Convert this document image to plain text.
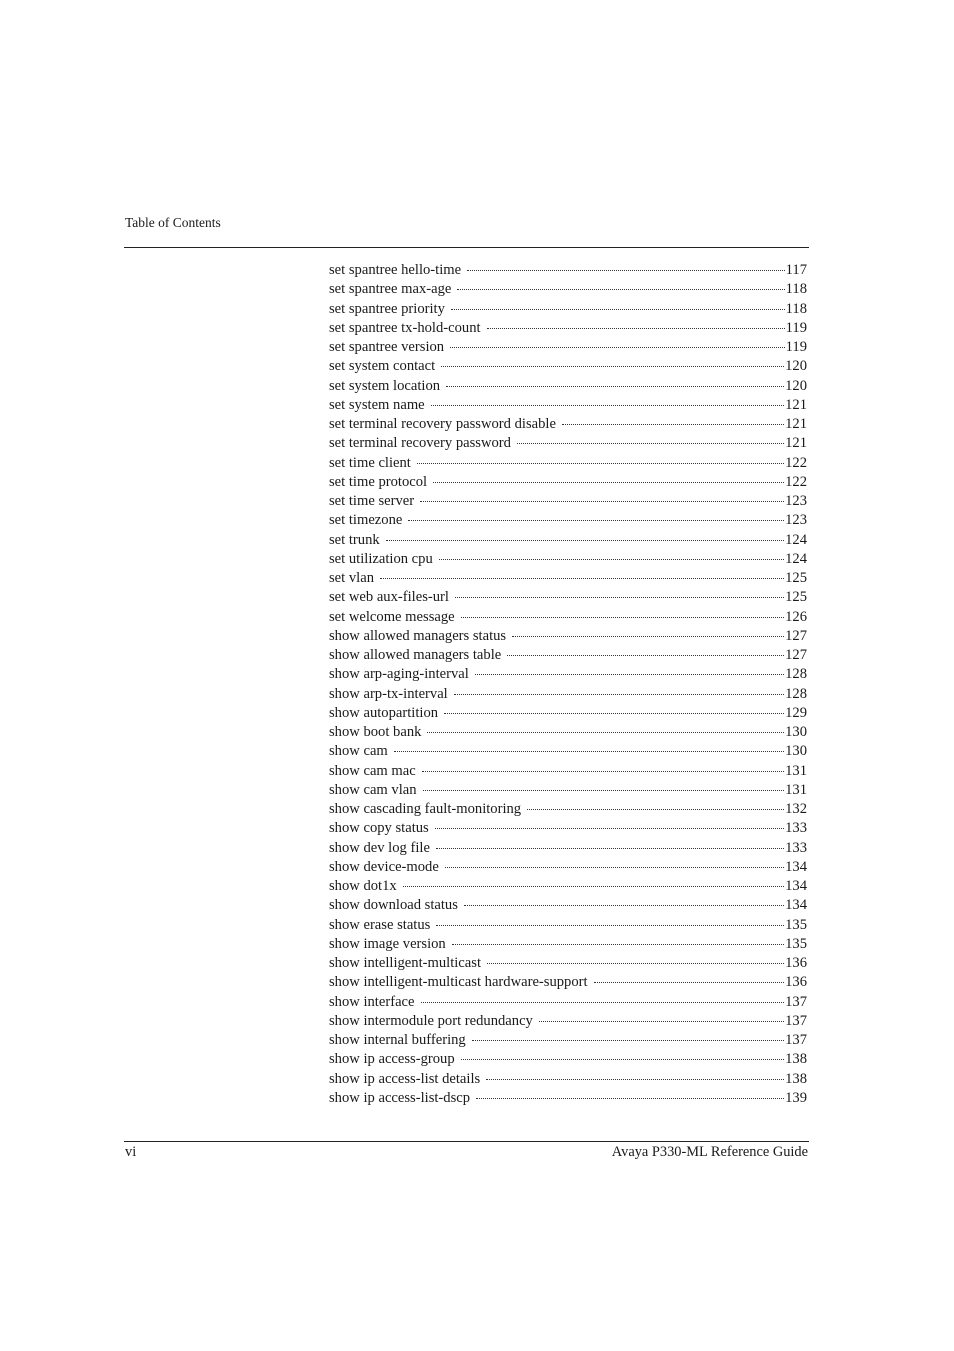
Table of Contents
set spantree hello-time	117
set spantree max-age	118
set spantree priority	118
set spantree tx-hold-count	119
set spantree version	119
set system contact	120
set system location	120
set system name	121
set terminal recovery password disable	121
set terminal recovery password	121
set time client	122
set time protocol	122
set time server	123
set timezone	123
set trunk	124
set utilization cpu	124
set vlan	125
set web aux-files-url	125
set welcome message	126
show allowed managers status	127
show allowed managers table	127
show arp-aging-interval	128
show arp-tx-interval	128
show autopartition	129
show boot bank	130
show cam	130
show cam mac	131
show cam vlan	131
show cascading fault-monitoring	132
show copy status	133
show dev log file	133
show device-mode	134
show dot1x	134
show download status	134
show erase status	135
show image version	135
show intelligent-multicast	136
show intelligent-multicast hardware-support	136
show interface	137
show intermodule port redundancy	137
show internal buffering	137
show ip access-group	138
show ip access-list details	138
show ip access-list-dscp	139
vi	Avaya P330-ML Reference Guide
